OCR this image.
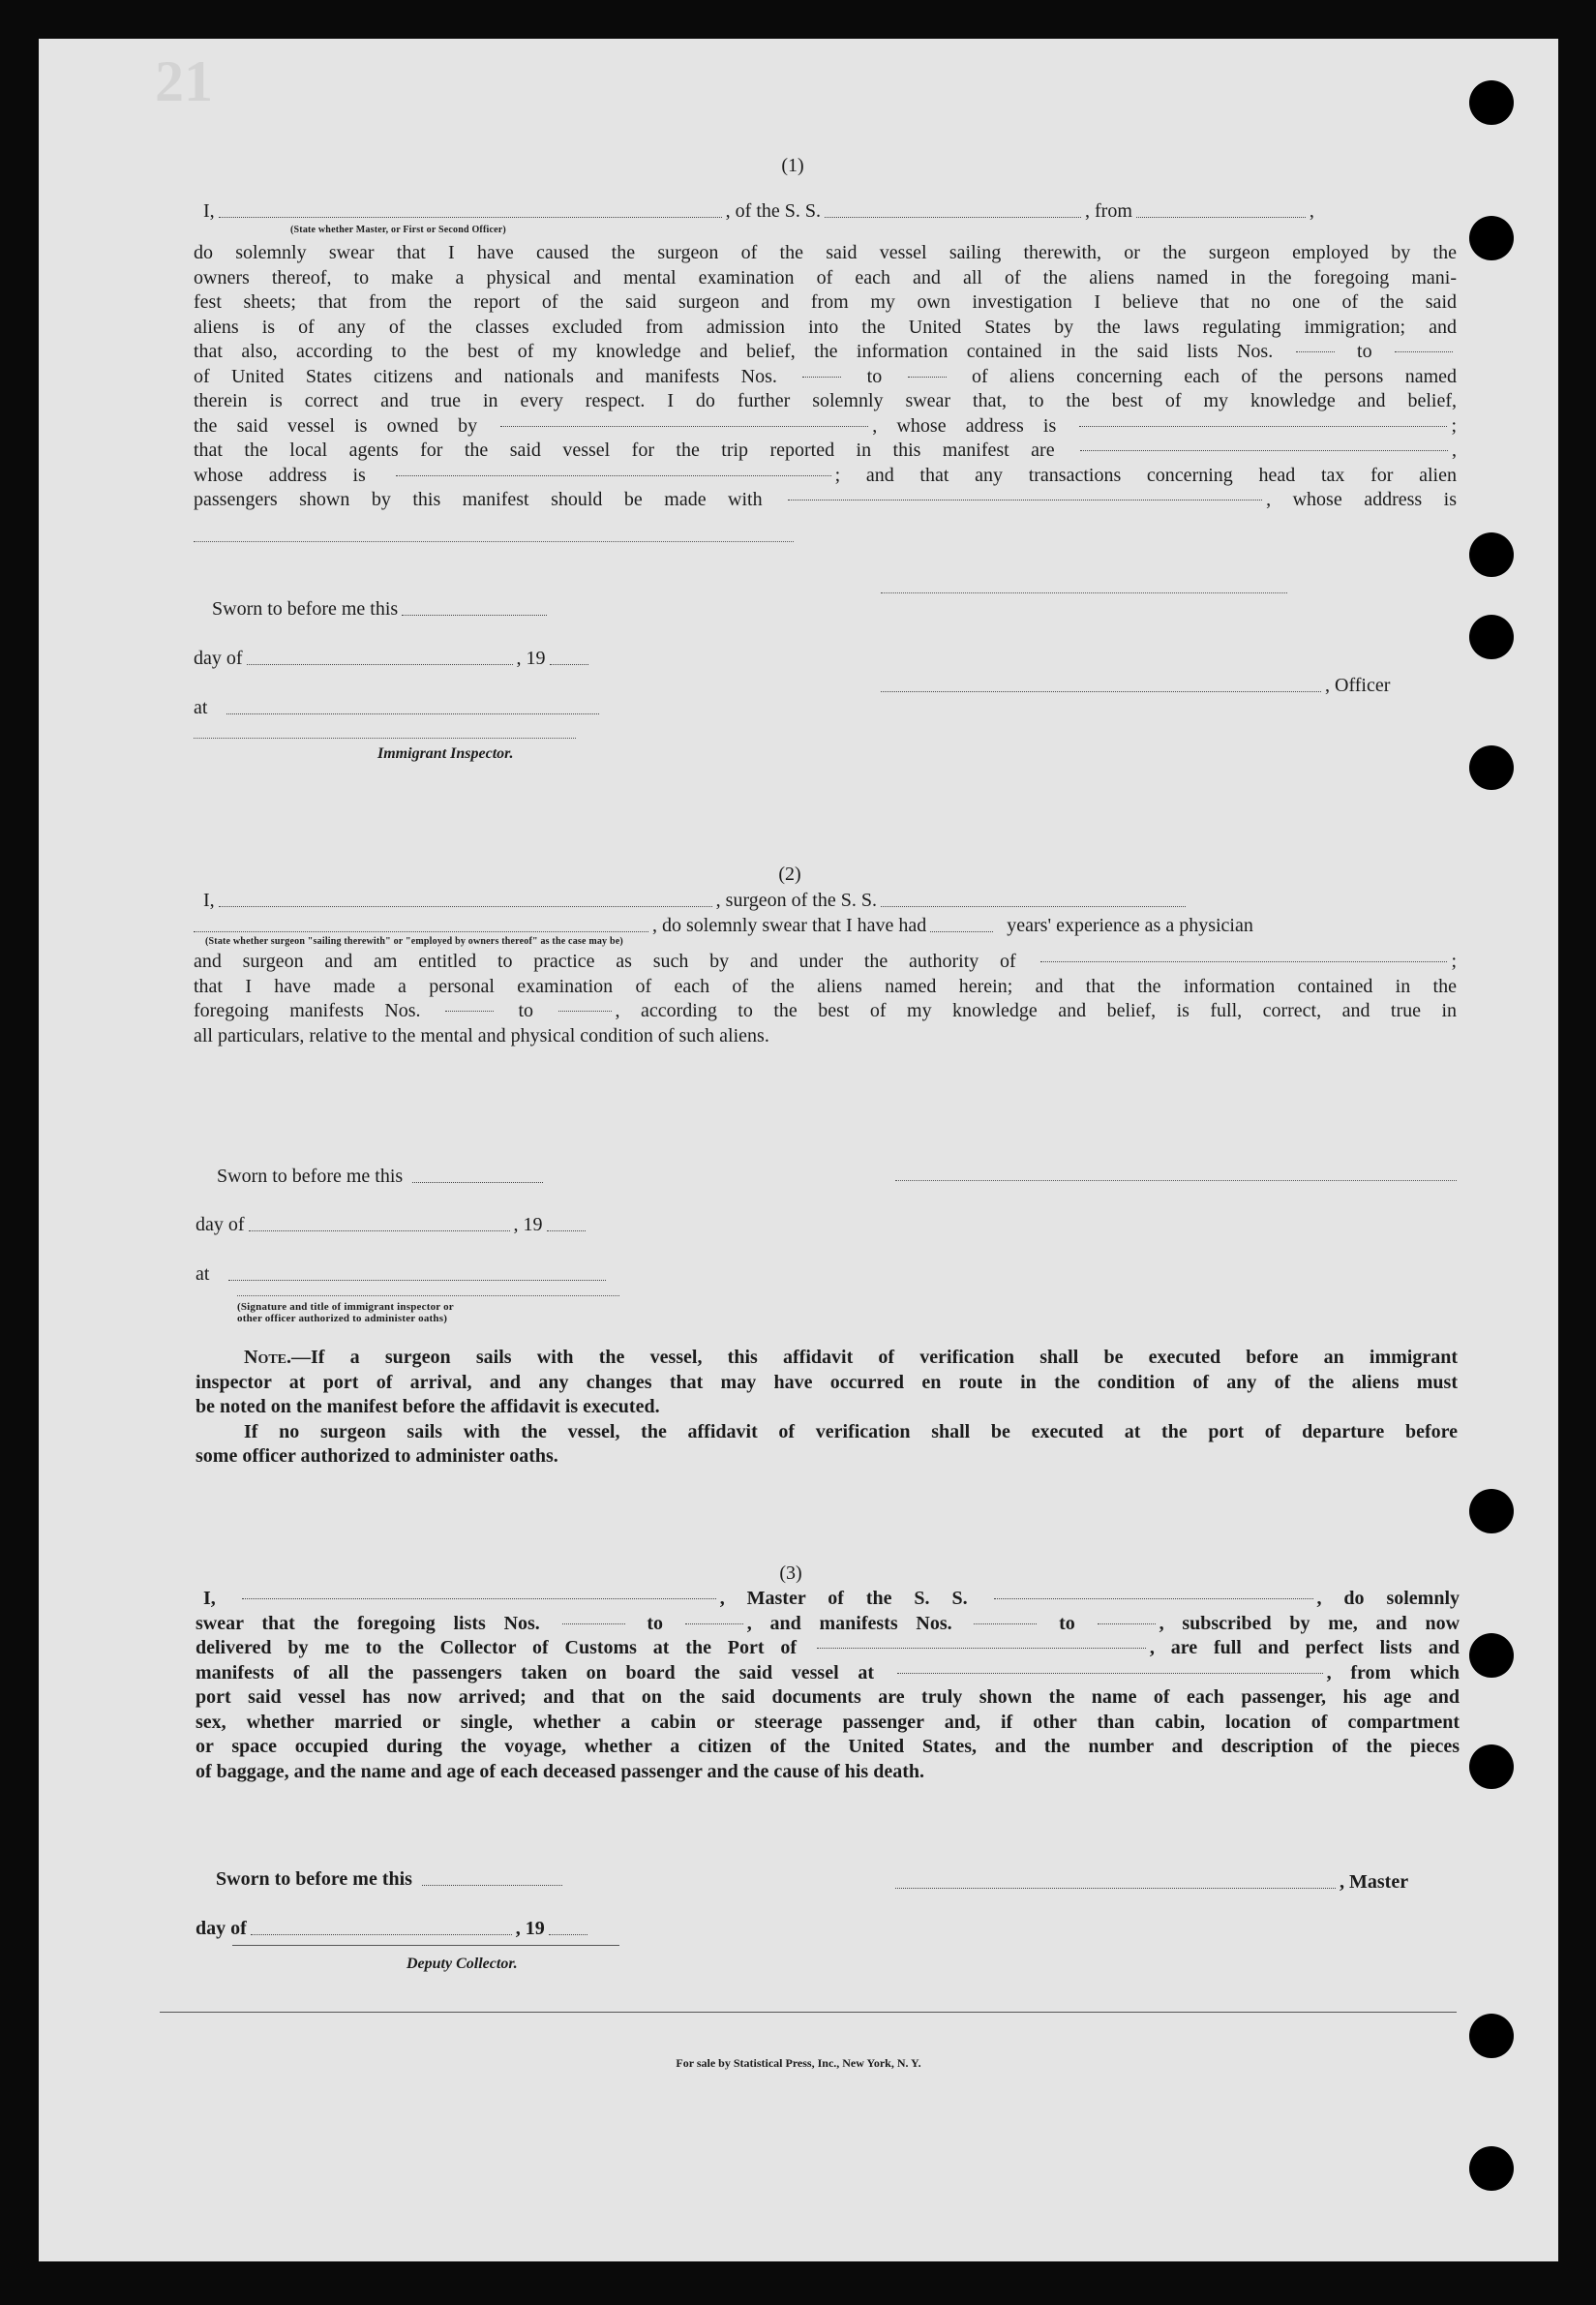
21
(1)
I,	, of the S. S.	, from	,
(State whether Master, or First or Second Officer)
do solemnly swear that I have caused the surgeon of the said vessel sailing therewith, or the surgeon employed by the
owners thereof, to make a physical and mental examination of each and all of the aliens named in the foregoing mani-
fest sheets; that from the report of the said surgeon and from my own investigation I believe that no one of the said
aliens is of any of the classes excluded from admission into the United States by the laws regulating immigration; and
that also, according to the best of my knowledge and belief, the information contained in the said lists Nos.	to
of United States citizens and nationals and manifests Nos.	to	of aliens concerning each of the persons named
therein is correct and true in every respect. I do further solemnly swear that, to the best of my knowledge and belief,
the said vessel is owned by	, whose address is	;
that the local agents for the said vessel for the trip reported in this manifest are	,
whose address is	; and that any transactions concerning head tax for alien
passengers shown by this manifest should be made with	, whose address is
Sworn to before me this
day of	, 19
, Officer
at
Immigrant Inspector.
(2)
I,	, surgeon of the S. S.
, do solemnly swear that I have had	years' experience as a physician
(State whether surgeon "sailing therewith" or "employed by owners thereof" as the case may be)
and surgeon and am entitled to practice as such by and under the authority of	;
that I have made a personal examination of each of the aliens named herein; and that the information contained in the
foregoing manifests Nos.	to	, according to the best of my knowledge and belief, is full, correct, and true in
all particulars, relative to the mental and physical condition of such aliens.
Sworn to before me this
day of	, 19
at
(Signature and title of immigrant inspector or
other officer authorized to administer oaths)
Note.—If a surgeon sails with the vessel, this affidavit of verification shall be executed before an immigrant
inspector at port of arrival, and any changes that may have occurred en route in the condition of any of the aliens must
be noted on the manifest before the affidavit is executed.
If no surgeon sails with the vessel, the affidavit of verification shall be executed at the port of departure before
some officer authorized to administer oaths.
(3)
I,	, Master of the S. S.	, do solemnly
swear that the foregoing lists Nos.	to	, and manifests Nos.	to	, subscribed by me, and now
delivered by me to the Collector of Customs at the Port of	, are full and perfect lists and
manifests of all the passengers taken on board the said vessel at	, from which
port said vessel has now arrived; and that on the said documents are truly shown the name of each passenger, his age and
sex, whether married or single, whether a cabin or steerage passenger and, if other than cabin, location of compartment
or space occupied during the voyage, whether a citizen of the United States, and the number and description of the pieces
of baggage, and the name and age of each deceased passenger and the cause of his death.
Sworn to before me this	, Master
day of	, 19
Deputy Collector.
For sale by Statistical Press, Inc., New York, N. Y.
